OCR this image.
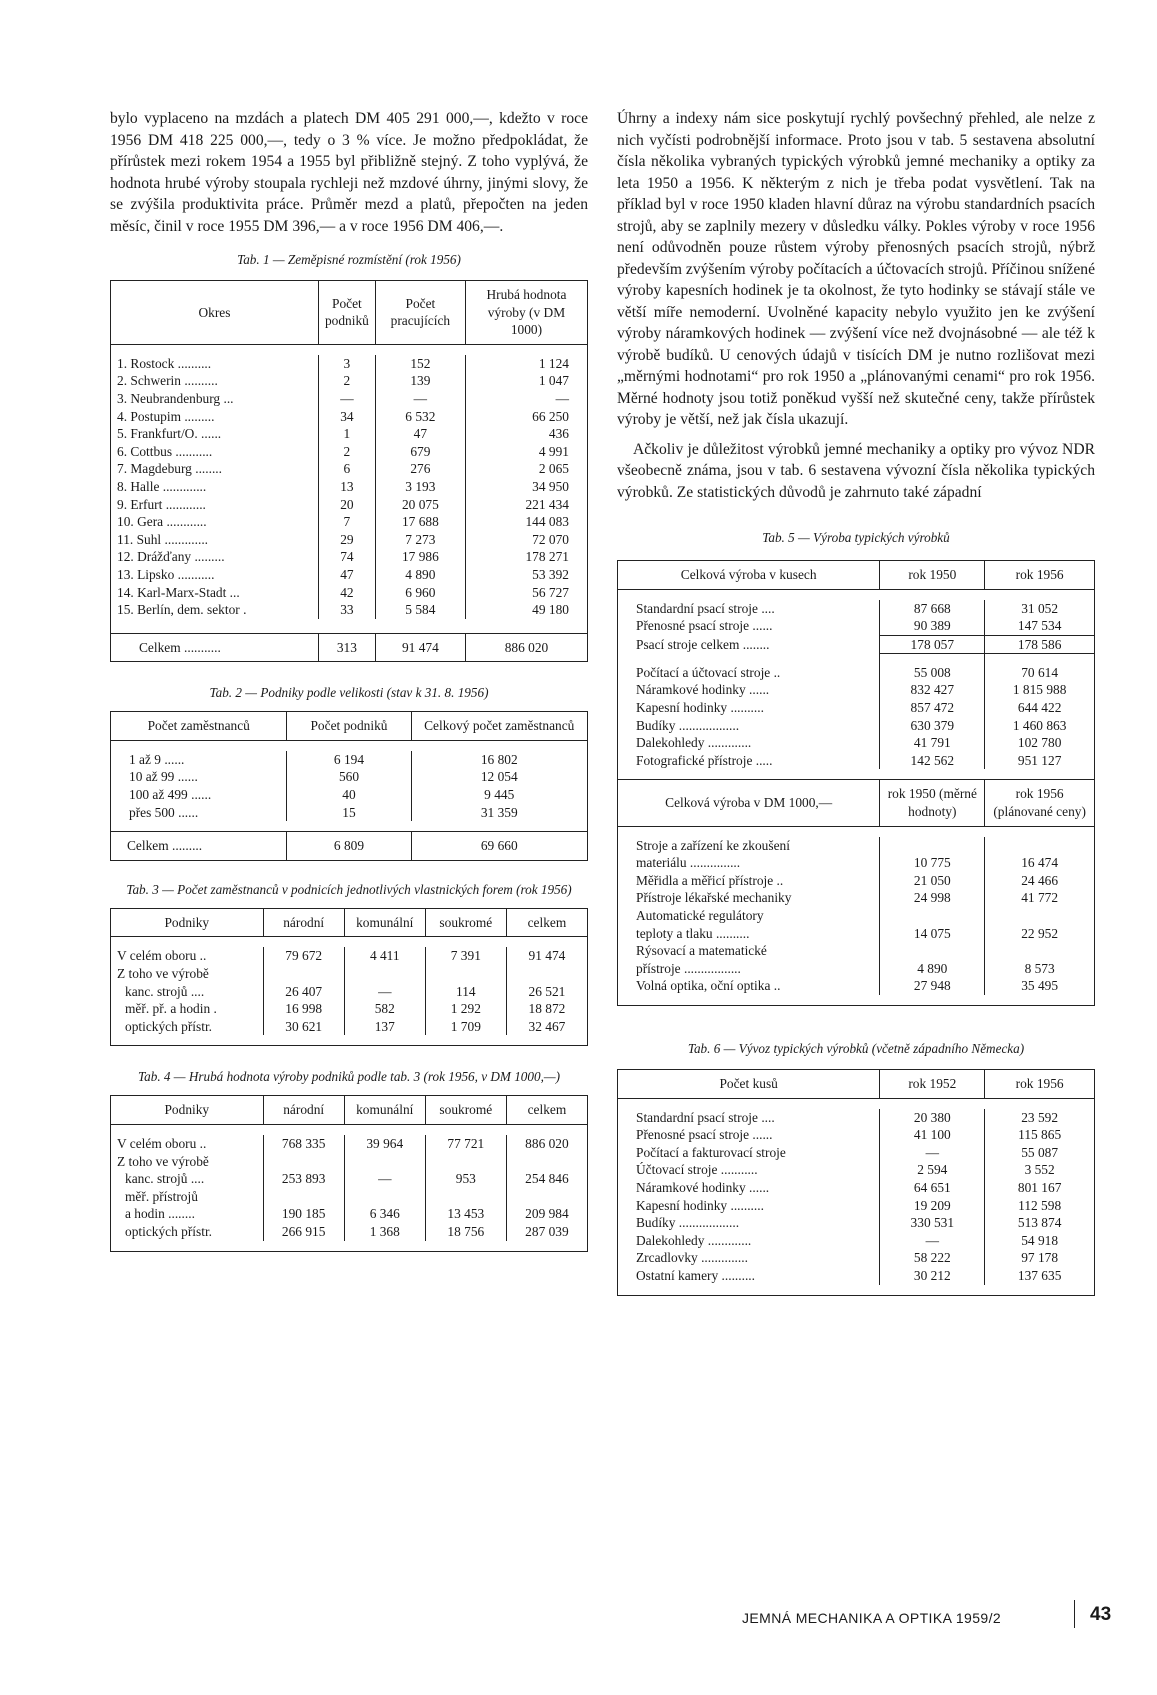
bylo vyplaceno na mzdách a platech DM 405 291 000,—, kdežto v roce 1956 DM 418 225 000,—, tedy o 3 % více. Je možno předpokládat, že přírůstek mezi rokem 1954 a 1955 byl přibližně stejný. Z toho vyplývá, že hodnota hrubé výroby stoupala rychleji než mzdové úhrny, jinými slovy, že se zvýšila produktivita práce. Průměr mezd a platů, přepočten na jeden měsíc, činil v roce 1955 DM 396,— a v roce 1956 DM 406,—.

Tab. 1 — Zeměpisné rozmístění (rok 1956)

Okres	Počet podniků	Počet pracujících	Hrubá hodnota výroby (v DM 1000)

1. Rostock ..........	3	152	1 124
2. Schwerin ..........	2	139	1 047
3. Neubrandenburg ...	—	—	—
4. Postupim .........	34	6 532	66 250
5. Frankfurt/O. ......	1	47	436
6. Cottbus ...........	2	679	4 991
7. Magdeburg ........	6	276	2 065
8. Halle .............	13	3 193	34 950
9. Erfurt ............	20	20 075	221 434
10. Gera ............	7	17 688	144 083
11. Suhl .............	29	7 273	72 070
12. Drážďany .........	74	17 986	178 271
13. Lipsko ...........	47	4 890	53 392
14. Karl-Marx-Stadt ...	42	6 960	56 727
15. Berlín, dem. sektor .	33	5 584	49 180

Celkem ...........	313	91 474	886 020

Tab. 2 — Podniky podle velikosti (stav k 31. 8. 1956)

Počet zaměstnanců	Počet podniků	Celkový počet zaměstnanců

1 až 9 ......	6 194	16 802
10 až 99 ......	560	12 054
100 až 499 ......	40	9 445
přes 500 ......	15	31 359

Celkem .........	6 809	69 660

Tab. 3 — Počet zaměstnanců v podnicích jednotlivých vlastnických forem (rok 1956)

Podniky	národní	komunální	soukromé	celkem

V celém oboru ..	79 672	4 411	7 391	91 474
Z toho ve výrobě				
kanc. strojů ....	26 407	—	114	26 521
měř. př. a hodin .	16 998	582	1 292	18 872
optických přístr.	30 621	137	1 709	32 467

Tab. 4 — Hrubá hodnota výroby podniků podle tab. 3 (rok 1956, v DM 1000,—)

Podniky	národní	komunální	soukromé	celkem

V celém oboru ..	768 335	39 964	77 721	886 020
Z toho ve výrobě				
kanc. strojů ....	253 893	—	953	254 846
měř. přístrojů				
a hodin ........	190 185	6 346	13 453	209 984
optických přístr.	266 915	1 368	18 756	287 039

Úhrny a indexy nám sice poskytují rychlý povšechný přehled, ale nelze z nich vyčísti podrobnější informace. Proto jsou v tab. 5 sestavena absolutní čísla několika vybraných typických výrobků jemné mechaniky a optiky za leta 1950 a 1956. K některým z nich je třeba podat vysvětlení. Tak na příklad byl v roce 1950 kladen hlavní důraz na výrobu standardních psacích strojů, aby se zaplnily mezery v důsledku války. Pokles výroby v roce 1956 není odůvodněn pouze růstem výroby přenosných psacích strojů, nýbrž především zvýšením výroby počítacích a účtovacích strojů. Příčinou snížené výroby kapesních hodinek je ta okolnost, že tyto hodinky se stávají stále ve větší míře nemoderní. Uvolněné kapacity nebylo využito jen ke zvýšení výroby náramkových hodinek — zvýšení více než dvojnásobné — ale též k výrobě budíků. U cenových údajů v tisících DM je nutno rozlišovat mezi „měrnými hodnotami“ pro rok 1950 a „plánovanými cenami“ pro rok 1956. Měrné hodnoty jsou totiž poněkud vyšší než skutečné ceny, takže přírůstek výroby je větší, než jak čísla ukazují.

Ačkoliv je důležitost výrobků jemné mechaniky a optiky pro vývoz NDR všeobecně známa, jsou v tab. 6 sestavena vývozní čísla několika typických výrobků. Ze statistických důvodů je zahrnuto také západní

Tab. 5 — Výroba typických výrobků

Celková výroba v kusech	rok 1950	rok 1956

Standardní psací stroje ....	87 668	31 052
Přenosné psací stroje ......	90 389	147 534
Psací stroje celkem ........	178 057	178 586

Počítací a účtovací stroje ..	55 008	70 614
Náramkové hodinky ......	832 427	1 815 988
Kapesní hodinky ..........	857 472	644 422
Budíky ..................	630 379	1 460 863
Dalekohledy .............	41 791	102 780
Fotografické přístroje .....	142 562	951 127

Celková výroba v DM 1000,—	rok 1950 (měrné hodnoty)	rok 1956 (plánované ceny)

Stroje a zařízení ke zkoušení		
materiálu ...............	10 775	16 474
Měřidla a měřicí přístroje ..	21 050	24 466
Přístroje lékařské mechaniky	24 998	41 772
Automatické regulátory		
teploty a tlaku ..........	14 075	22 952
Rýsovací a matematické		
přístroje .................	4 890	8 573
Volná optika, oční optika ..	27 948	35 495

Tab. 6 — Vývoz typických výrobků (včetně západního Německa)

Počet kusů	rok 1952	rok 1956

Standardní psací stroje ....	20 380	23 592
Přenosné psací stroje ......	41 100	115 865
Počítací a fakturovací stroje	—	55 087
Účtovací stroje ...........	2 594	3 552
Náramkové hodinky ......	64 651	801 167
Kapesní hodinky ..........	19 209	112 598
Budíky ..................	330 531	513 874
Dalekohledy .............	—	54 918
Zrcadlovky ..............	58 222	97 178
Ostatní kamery ..........	30 212	137 635

JEMNÁ MECHANIKA A OPTIKA 1959/2	43
